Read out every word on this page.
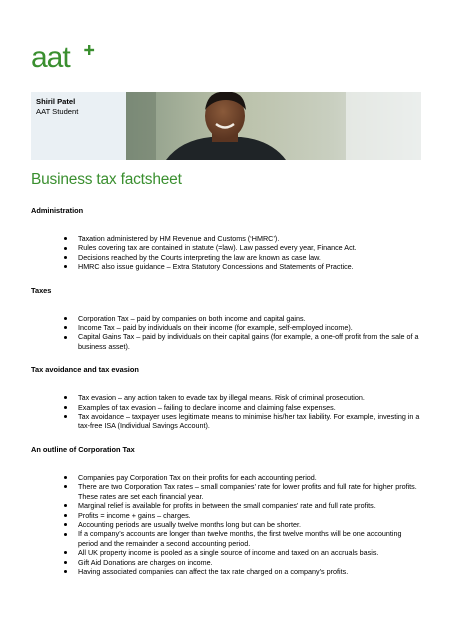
aat
Shiril Patel
AAT Student
Business tax factsheet
Administration
Taxation administered by HM Revenue and Customs (‘HMRC’).
Rules covering tax are contained in statute (=law). Law passed every year, Finance Act.
Decisions reached by the Courts interpreting the law are known as case law.
HMRC also issue guidance – Extra Statutory Concessions and Statements of Practice.
Taxes
Corporation Tax – paid by companies on both income and capital gains.
Income Tax – paid by individuals on their income (for example, self-employed income).
Capital Gains Tax – paid by individuals on their capital gains (for example, a one-off profit from the sale of a business asset).
Tax avoidance and tax evasion
Tax evasion – any action taken to evade tax by illegal means. Risk of criminal prosecution.
Examples of tax evasion – failing to declare income and claiming false expenses.
Tax avoidance – taxpayer uses legitimate means to minimise his/her tax liability. For example, investing in a tax-free ISA (Individual Savings Account).
An outline of Corporation Tax
Companies pay Corporation Tax on their profits for each accounting period.
There are two Corporation Tax rates – small companies’ rate for lower profits and full rate for higher profits. These rates are set each financial year.
Marginal relief is available for profits in between the small companies’ rate and full rate profits.
Profits = income + gains – charges.
Accounting periods are usually twelve months long but can be shorter.
If a company’s accounts are longer than twelve months, the first twelve months will be one accounting period and the remainder a second accounting period.
All UK property income is pooled as a single source of income and taxed on an accruals basis.
Gift Aid Donations are charges on income.
Having associated companies can affect the tax rate charged on a company’s profits.
